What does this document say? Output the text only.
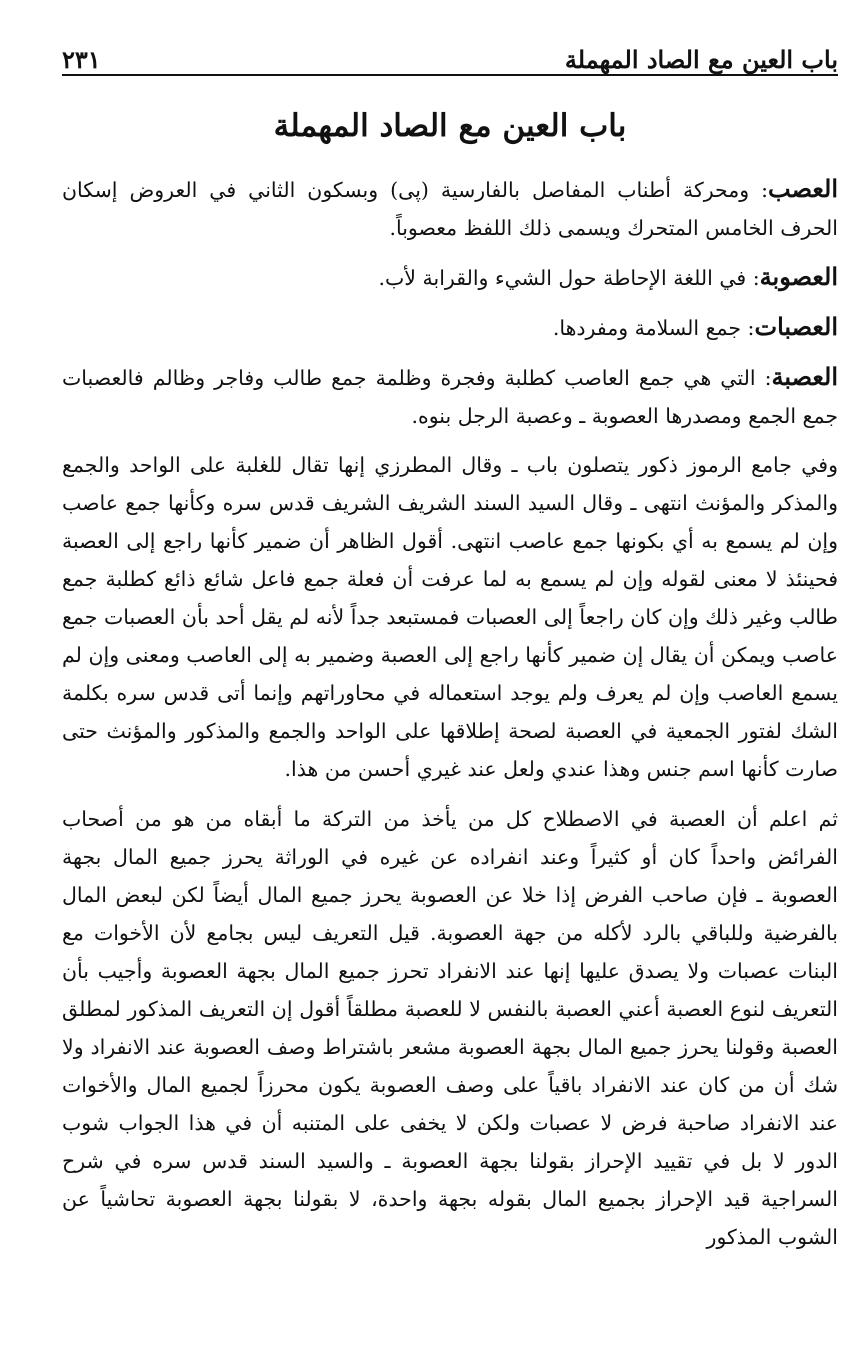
باب العين مع الصاد المهملة
٢٣١
باب العين مع الصاد المهملة

العصب: ومحركة أطناب المفاصل بالفارسية (پى) وبسكون الثاني في العروض إسكان الحرف الخامس المتحرك ويسمى ذلك اللفظ معصوباً.

العصوبة: في اللغة الإحاطة حول الشيء والقرابة لأب.

العصبات: جمع السلامة ومفردها.

العصبة: التي هي جمع العاصب كطلبة وفجرة وظلمة جمع طالب وفاجر وظالم فالعصبات جمع الجمع ومصدرها العصوبة ـ وعصبة الرجل بنوه.

وفي جامع الرموز ذكور يتصلون باب ـ وقال المطرزي إنها تقال للغلبة على الواحد والجمع والمذكر والمؤنث انتهى ـ وقال السيد السند الشريف الشريف قدس سره وكأنها جمع عاصب وإن لم يسمع به أي بكونها جمع عاصب انتهى. أقول الظاهر أن ضمير كأنها راجع إلى العصبة فحينئذ لا معنى لقوله وإن لم يسمع به لما عرفت أن فعلة جمع فاعل شائع ذائع كطلبة جمع طالب وغير ذلك وإن كان راجعاً إلى العصبات فمستبعد جداً لأنه لم يقل أحد بأن العصبات جمع عاصب ويمكن أن يقال إن ضمير كأنها راجع إلى العصبة وضمير به إلى العاصب ومعنى وإن لم يسمع العاصب وإن لم يعرف ولم يوجد استعماله في محاوراتهم وإنما أتى قدس سره بكلمة الشك لفتور الجمعية في العصبة لصحة إطلاقها على الواحد والجمع والمذكور والمؤنث حتى صارت كأنها اسم جنس وهذا عندي ولعل عند غيري أحسن من هذا.

ثم اعلم أن العصبة في الاصطلاح كل من يأخذ من التركة ما أبقاه من هو من أصحاب الفرائض واحداً كان أو كثيراً وعند انفراده عن غيره في الوراثة يحرز جميع المال بجهة العصوبة ـ فإن صاحب الفرض إذا خلا عن العصوبة يحرز جميع المال أيضاً لكن لبعض المال بالفرضية وللباقي بالرد لأكله من جهة العصوبة. قيل التعريف ليس بجامع لأن الأخوات مع البنات عصبات ولا يصدق عليها إنها عند الانفراد تحرز جميع المال بجهة العصوبة وأجيب بأن التعريف لنوع العصبة أعني العصبة بالنفس لا للعصبة مطلقاً أقول إن التعريف المذكور لمطلق العصبة وقولنا يحرز جميع المال بجهة العصوبة مشعر باشتراط وصف العصوبة عند الانفراد ولا شك أن من كان عند الانفراد باقياً على وصف العصوبة يكون محرزاً لجميع المال والأخوات عند الانفراد صاحبة فرض لا عصبات ولكن لا يخفى على المتنبه أن في هذا الجواب شوب الدور لا بل في تقييد الإحراز بقولنا بجهة العصوبة ـ والسيد السند قدس سره في شرح السراجية قيد الإحراز بجميع المال بقوله بجهة واحدة، لا بقولنا بجهة العصوبة تحاشياً عن الشوب المذكور
